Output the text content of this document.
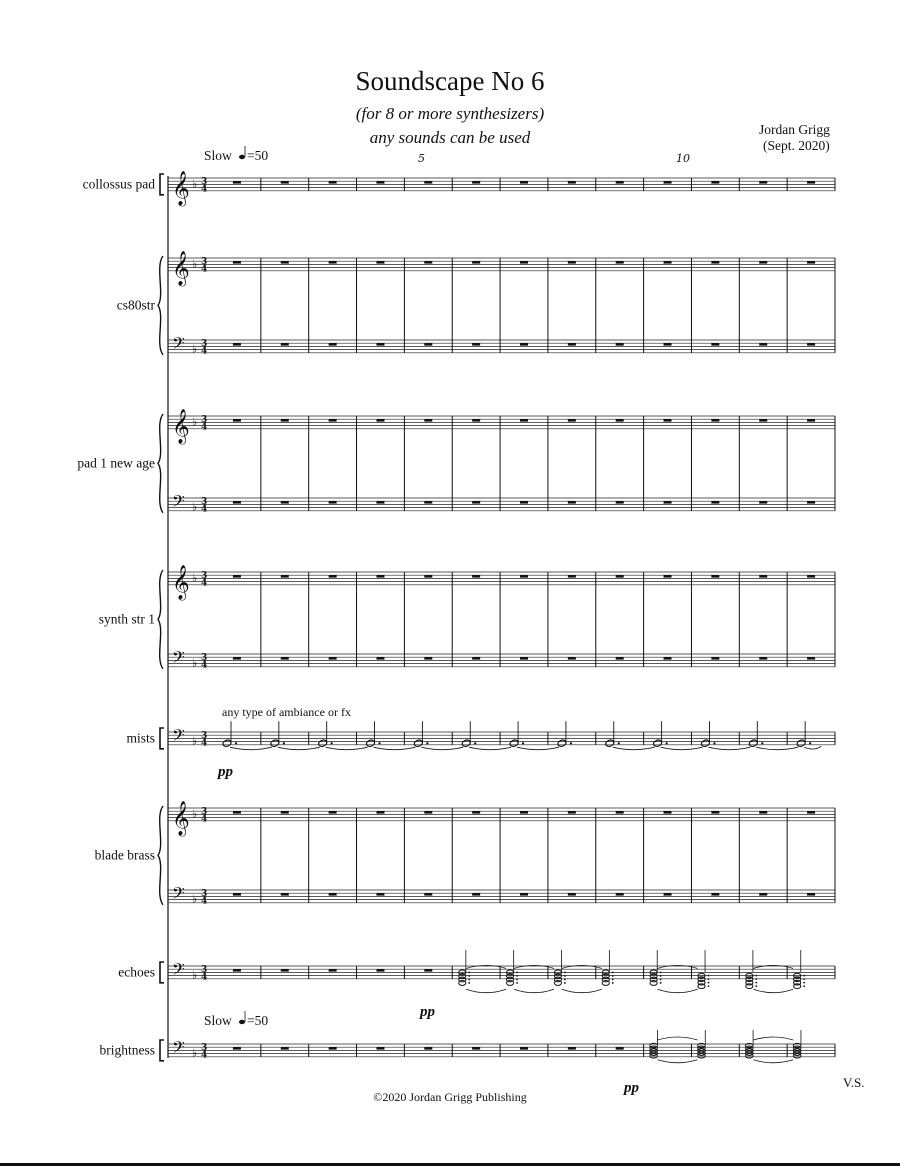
Soundscape No 6
(for 8 or more synthesizers)
any sounds can be used	Jordan Grigg
(Sept. 2020)
collossus pad 𝄞 ♭ 3
4
cs80str
𝄞 ♭ 3
4
𝄢 ♭ 3
4
pad 1 new age
𝄞 ♭ 3
4
𝄢 ♭ 3
4
synth str 1
𝄞 ♭ 3
4
𝄢 ♭ 3
4
mists 𝄢 ♭ 3
4
blade brass
𝄞 ♭ 3
4
𝄢 ♭ 3
4
echoes 𝄢 ♭ 3
4
brightness 𝄢 ♭ 3
4
pp
any type of ambiance or fx
pp
pp
Slow =50
Slow =50
5	10
©2020 Jordan Grigg Publishing
V.S.
